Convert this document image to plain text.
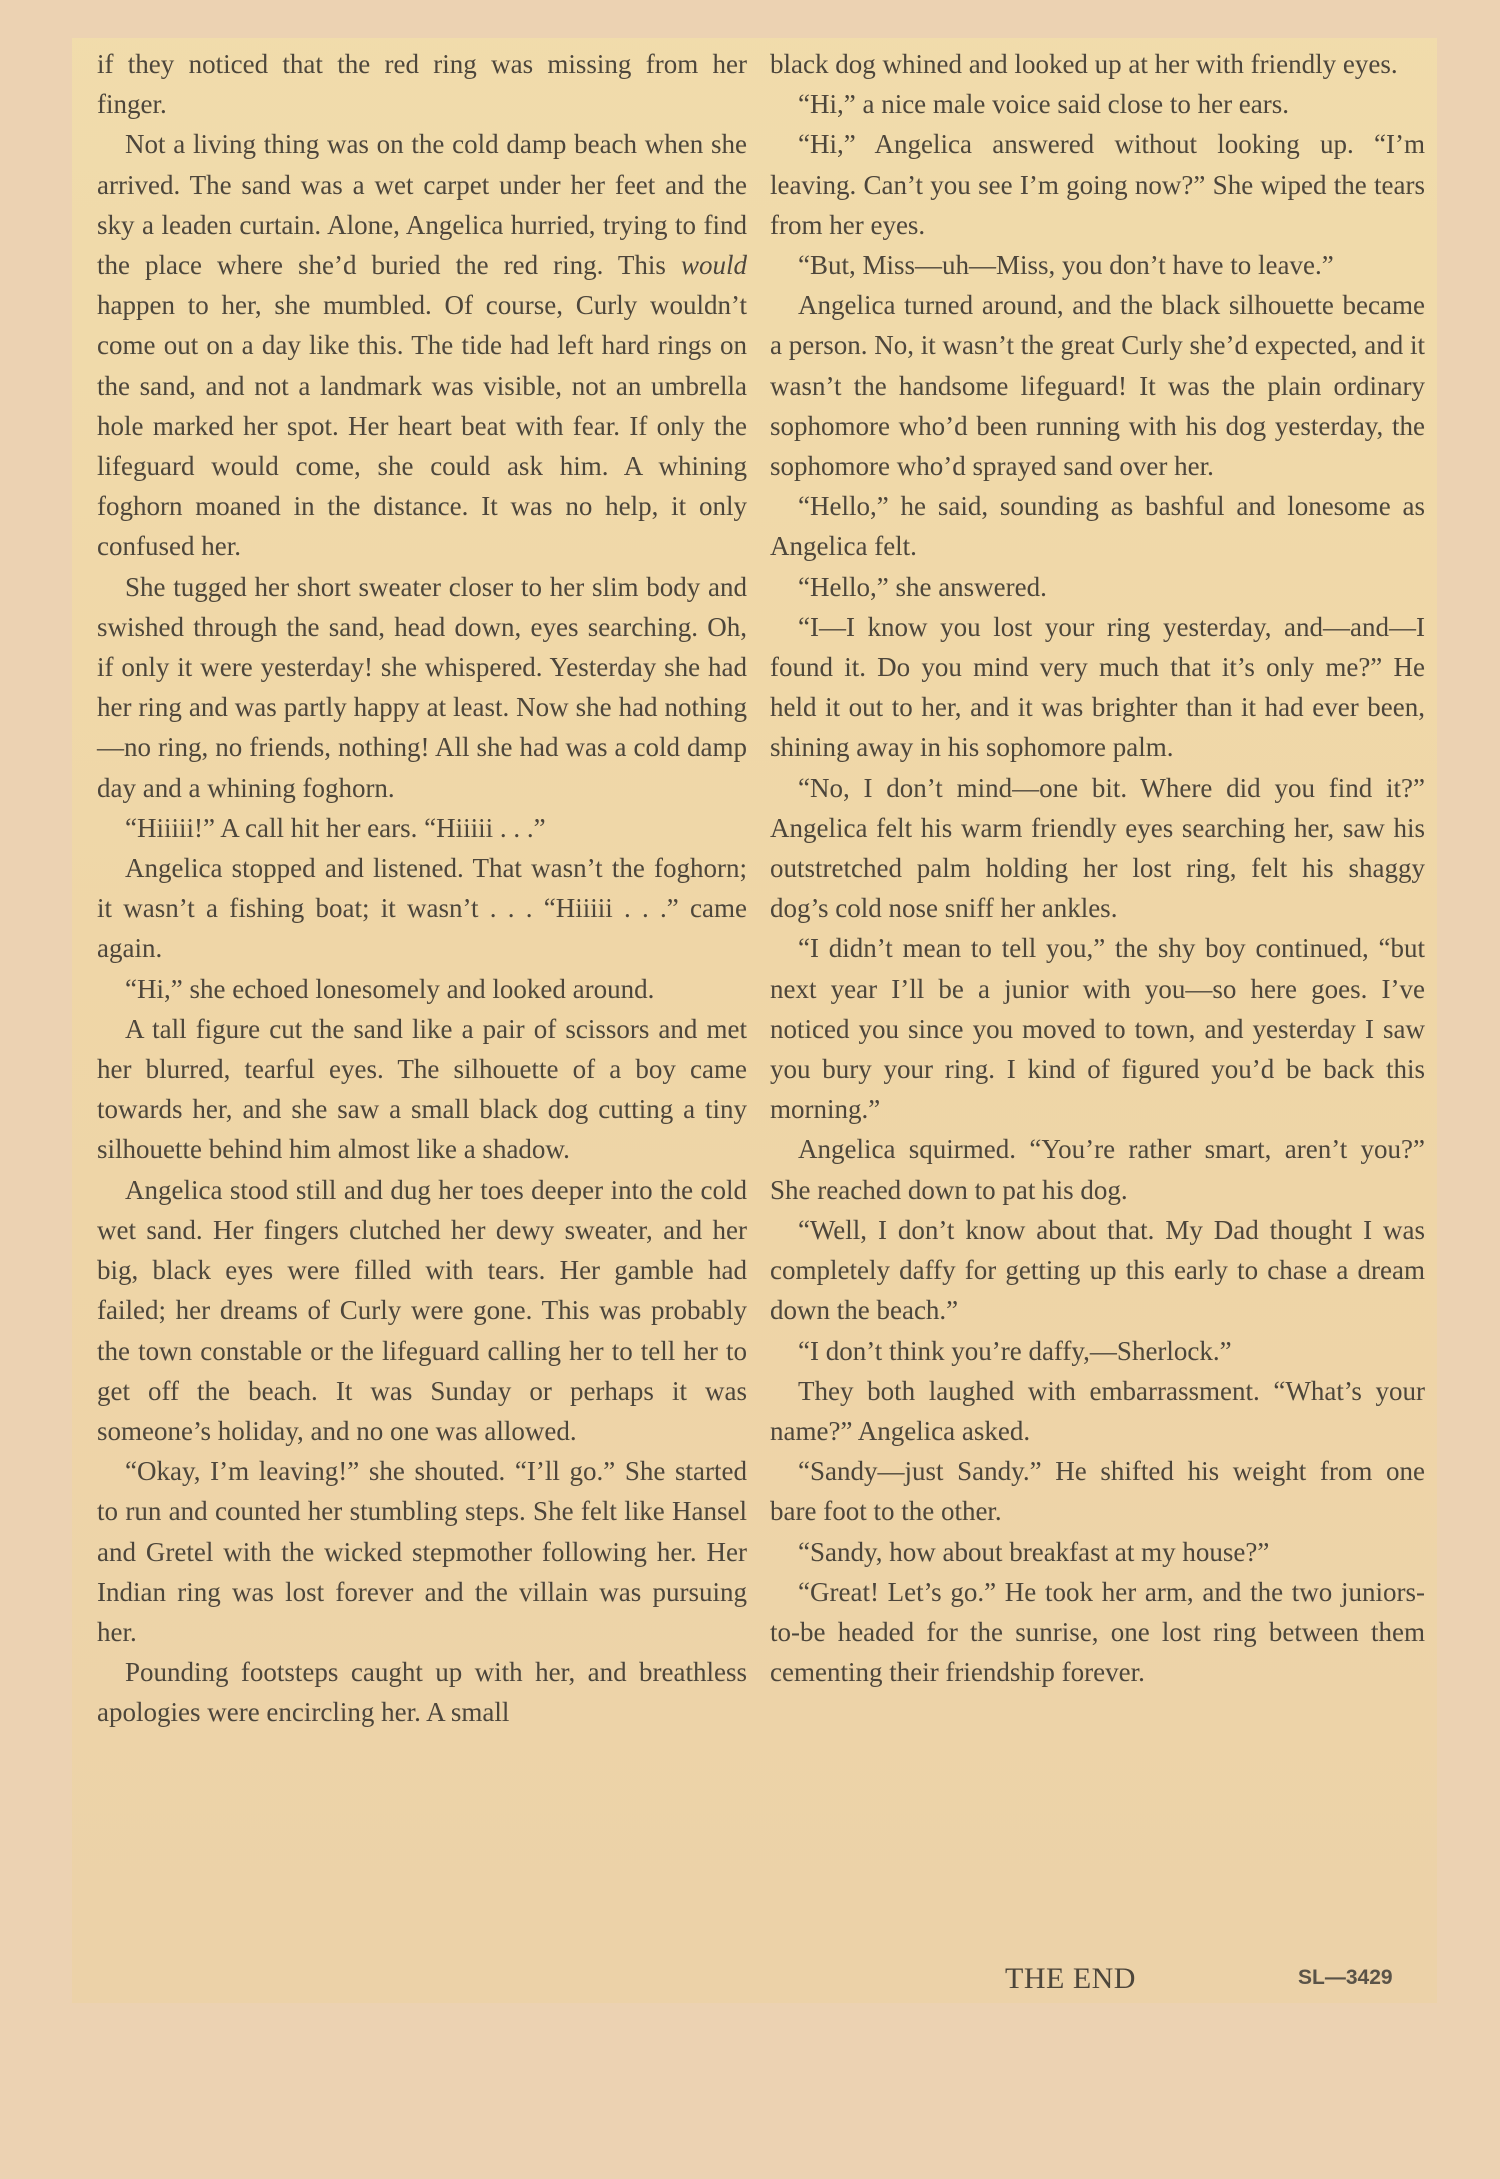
if they noticed that the red ring was missing from her finger.

Not a living thing was on the cold damp beach when she arrived. The sand was a wet carpet under her feet and the sky a leaden curtain. Alone, Angelica hurried, trying to find the place where she’d buried the red ring. This would happen to her, she mumbled. Of course, Curly wouldn’t come out on a day like this. The tide had left hard rings on the sand, and not a landmark was visible, not an umbrella hole marked her spot. Her heart beat with fear. If only the lifeguard would come, she could ask him. A whining foghorn moaned in the distance. It was no help, it only confused her.

She tugged her short sweater closer to her slim body and swished through the sand, head down, eyes searching. Oh, if only it were yesterday! she whispered. Yesterday she had her ring and was partly happy at least. Now she had nothing—no ring, no friends, nothing! All she had was a cold damp day and a whining foghorn.

“Hiiiii!” A call hit her ears. “Hiiiii . . .”

Angelica stopped and listened. That wasn’t the foghorn; it wasn’t a fishing boat; it wasn’t . . . “Hiiiii . . .” came again.

“Hi,” she echoed lonesomely and looked around.

A tall figure cut the sand like a pair of scissors and met her blurred, tearful eyes. The silhouette of a boy came towards her, and she saw a small black dog cutting a tiny silhouette behind him almost like a shadow.

Angelica stood still and dug her toes deeper into the cold wet sand. Her fingers clutched her dewy sweater, and her big, black eyes were filled with tears. Her gamble had failed; her dreams of Curly were gone. This was probably the town constable or the lifeguard calling her to tell her to get off the beach. It was Sunday or perhaps it was someone’s holiday, and no one was allowed.

“Okay, I’m leaving!” she shouted. “I’ll go.” She started to run and counted her stumbling steps. She felt like Hansel and Gretel with the wicked stepmother following her. Her Indian ring was lost forever and the villain was pursuing her.

Pounding footsteps caught up with her, and breathless apologies were encircling her. A small

black dog whined and looked up at her with friendly eyes.

“Hi,” a nice male voice said close to her ears.

“Hi,” Angelica answered without looking up. “I’m leaving. Can’t you see I’m going now?” She wiped the tears from her eyes.

“But, Miss—uh—Miss, you don’t have to leave.”

Angelica turned around, and the black silhouette became a person. No, it wasn’t the great Curly she’d expected, and it wasn’t the handsome lifeguard! It was the plain ordinary sophomore who’d been running with his dog yesterday, the sophomore who’d sprayed sand over her.

“Hello,” he said, sounding as bashful and lonesome as Angelica felt.

“Hello,” she answered.

“I—I know you lost your ring yesterday, and—and—I found it. Do you mind very much that it’s only me?” He held it out to her, and it was brighter than it had ever been, shining away in his sophomore palm.

“No, I don’t mind—one bit. Where did you find it?” Angelica felt his warm friendly eyes searching her, saw his outstretched palm holding her lost ring, felt his shaggy dog’s cold nose sniff her ankles.

“I didn’t mean to tell you,” the shy boy continued, “but next year I’ll be a junior with you—so here goes. I’ve noticed you since you moved to town, and yesterday I saw you bury your ring. I kind of figured you’d be back this morning.”

Angelica squirmed. “You’re rather smart, aren’t you?” She reached down to pat his dog.

“Well, I don’t know about that. My Dad thought I was completely daffy for getting up this early to chase a dream down the beach.”

“I don’t think you’re daffy,—Sherlock.”

They both laughed with embarrassment. “What’s your name?” Angelica asked.

“Sandy—just Sandy.” He shifted his weight from one bare foot to the other.

“Sandy, how about breakfast at my house?”

“Great! Let’s go.” He took her arm, and the two juniors-to-be headed for the sunrise, one lost ring between them cementing their friendship forever.

THE END	SL—3429
